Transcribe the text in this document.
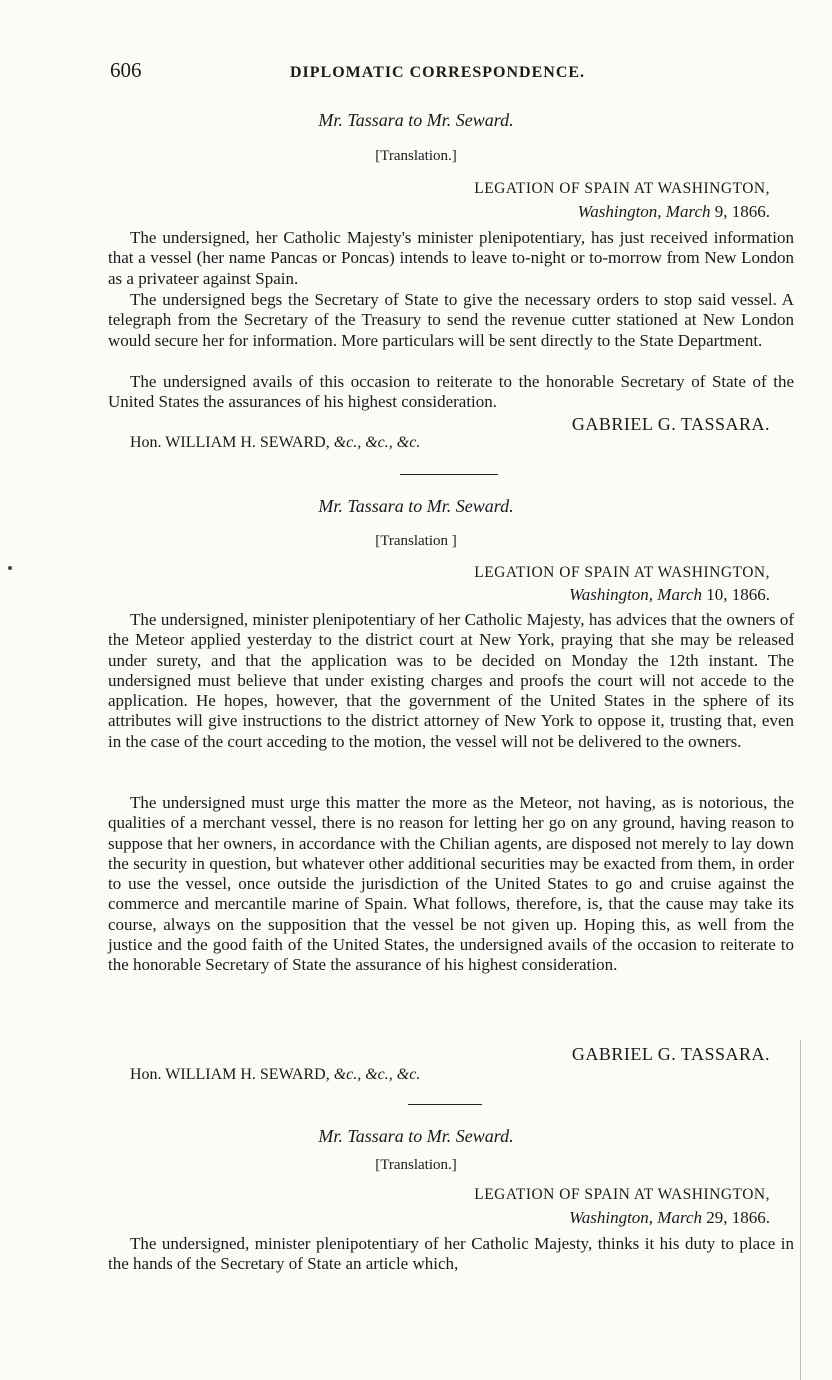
606	DIPLOMATIC CORRESPONDENCE.
Mr. Tassara to Mr. Seward.
[Translation.]
LEGATION OF SPAIN AT WASHINGTON,
Washington, March 9, 1866.

The undersigned, her Catholic Majesty's minister plenipotentiary, has just received information that a vessel (her name Pancas or Poncas) intends to leave to-night or to-morrow from New London as a privateer against Spain.

The undersigned begs the Secretary of State to give the necessary orders to stop said vessel. A telegraph from the Secretary of the Treasury to send the revenue cutter stationed at New London would secure her for information. More particulars will be sent directly to the State Department.

The undersigned avails of this occasion to reiterate to the honorable Secretary of State of the United States the assurances of his highest consideration.

GABRIEL G. TASSARA.
Hon. WILLIAM H. SEWARD, &c., &c., &c.
Mr. Tassara to Mr. Seward.
[Translation ]
LEGATION OF SPAIN AT WASHINGTON,
Washington, March 10, 1866.

The undersigned, minister plenipotentiary of her Catholic Majesty, has advices that the owners of the Meteor applied yesterday to the district court at New York, praying that she may be released under surety, and that the application was to be decided on Monday the 12th instant. The undersigned must believe that under existing charges and proofs the court will not accede to the application. He hopes, however, that the government of the United States in the sphere of its attributes will give instructions to the district attorney of New York to oppose it, trusting that, even in the case of the court acceding to the motion, the vessel will not be delivered to the owners.

The undersigned must urge this matter the more as the Meteor, not having, as is notorious, the qualities of a merchant vessel, there is no reason for letting her go on any ground, having reason to suppose that her owners, in accordance with the Chilian agents, are disposed not merely to lay down the security in question, but whatever other additional securities may be exacted from them, in order to use the vessel, once outside the jurisdiction of the United States to go and cruise against the commerce and mercantile marine of Spain. What follows, therefore, is, that the cause may take its course, always on the supposition that the vessel be not given up. Hoping this, as well from the justice and the good faith of the United States, the undersigned avails of the occasion to reiterate to the honorable Secretary of State the assurance of his highest consideration.

GABRIEL G. TASSARA.
Hon. WILLIAM H. SEWARD, &c., &c., &c.
Mr. Tassara to Mr. Seward.
[Translation.]
LEGATION OF SPAIN AT WASHINGTON,
Washington, March 29, 1866.

The undersigned, minister plenipotentiary of her Catholic Majesty, thinks it his duty to place in the hands of the Secretary of State an article which,
